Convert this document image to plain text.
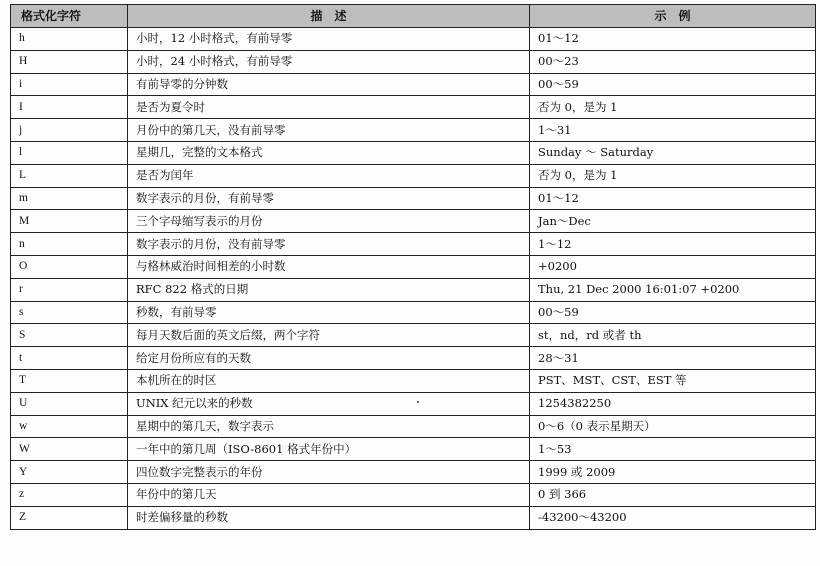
格式化字符	描　述	示　例
h	小时，12 小时格式，有前导零	01～12
H	小时，24 小时格式，有前导零	00～23
i	有前导零的分钟数	00～59
I	是否为夏令时	否为 0，是为 1
j	月份中的第几天，没有前导零	1～31
l	星期几，完整的文本格式	Sunday ～ Saturday
L	是否为闰年	否为 0，是为 1
m	数字表示的月份，有前导零	01～12
M	三个字母缩写表示的月份	Jan～Dec
n	数字表示的月份，没有前导零	1～12
O	与格林威治时间相差的小时数	+0200
r	RFC 822 格式的日期	Thu, 21 Dec 2000 16:01:07 +0200
s	秒数，有前导零	00～59
S	每月天数后面的英文后缀，两个字符	st，nd，rd 或者 th
t	给定月份所应有的天数	28～31
T	本机所在的时区	PST、MST、CST、EST 等
U	UNIX 纪元以来的秒数	1254382250
w	星期中的第几天，数字表示	0～6（0 表示星期天）
W	一年中的第几周（ISO-8601 格式年份中）	1～53
Y	四位数字完整表示的年份	1999 或 2009
z	年份中的第几天	0 到 366
Z	时差偏移量的秒数	-43200～43200
